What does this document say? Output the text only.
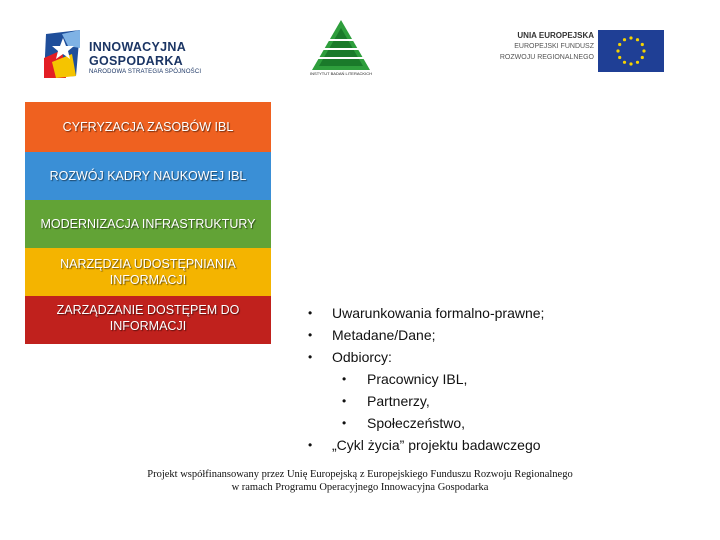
INNOWACYJNA
GOSPODARKA
NARODOWA STRATEGIA SPÓJNOŚCI	INSTYTUT BADAŃ LITERACKICH
UNIA EUROPEJSKA
EUROPEJSKI FUNDUSZ
ROZWOJU REGIONALNEGO
CYFRYZACJA ZASOBÓW IBL
ROZWÓJ KADRY NAUKOWEJ IBL
MODERNIZACJA INFRASTRUKTURY
NARZĘDZIA UDOSTĘPNIANIA INFORMACJI
ZARZĄDZANIE DOSTĘPEM DO INFORMACJI
• Uwarunkowania formalno-prawne;
• Metadane/Dane;
• Odbiorcy:
• Pracownicy IBL,
• Partnerzy,
• Społeczeństwo,
• „Cykl życia” projektu badawczego
Projekt współfinansowany przez Unię Europejską z Europejskiego Funduszu Rozwoju Regionalnego
w ramach Programu Operacyjnego Innowacyjna Gospodarka
